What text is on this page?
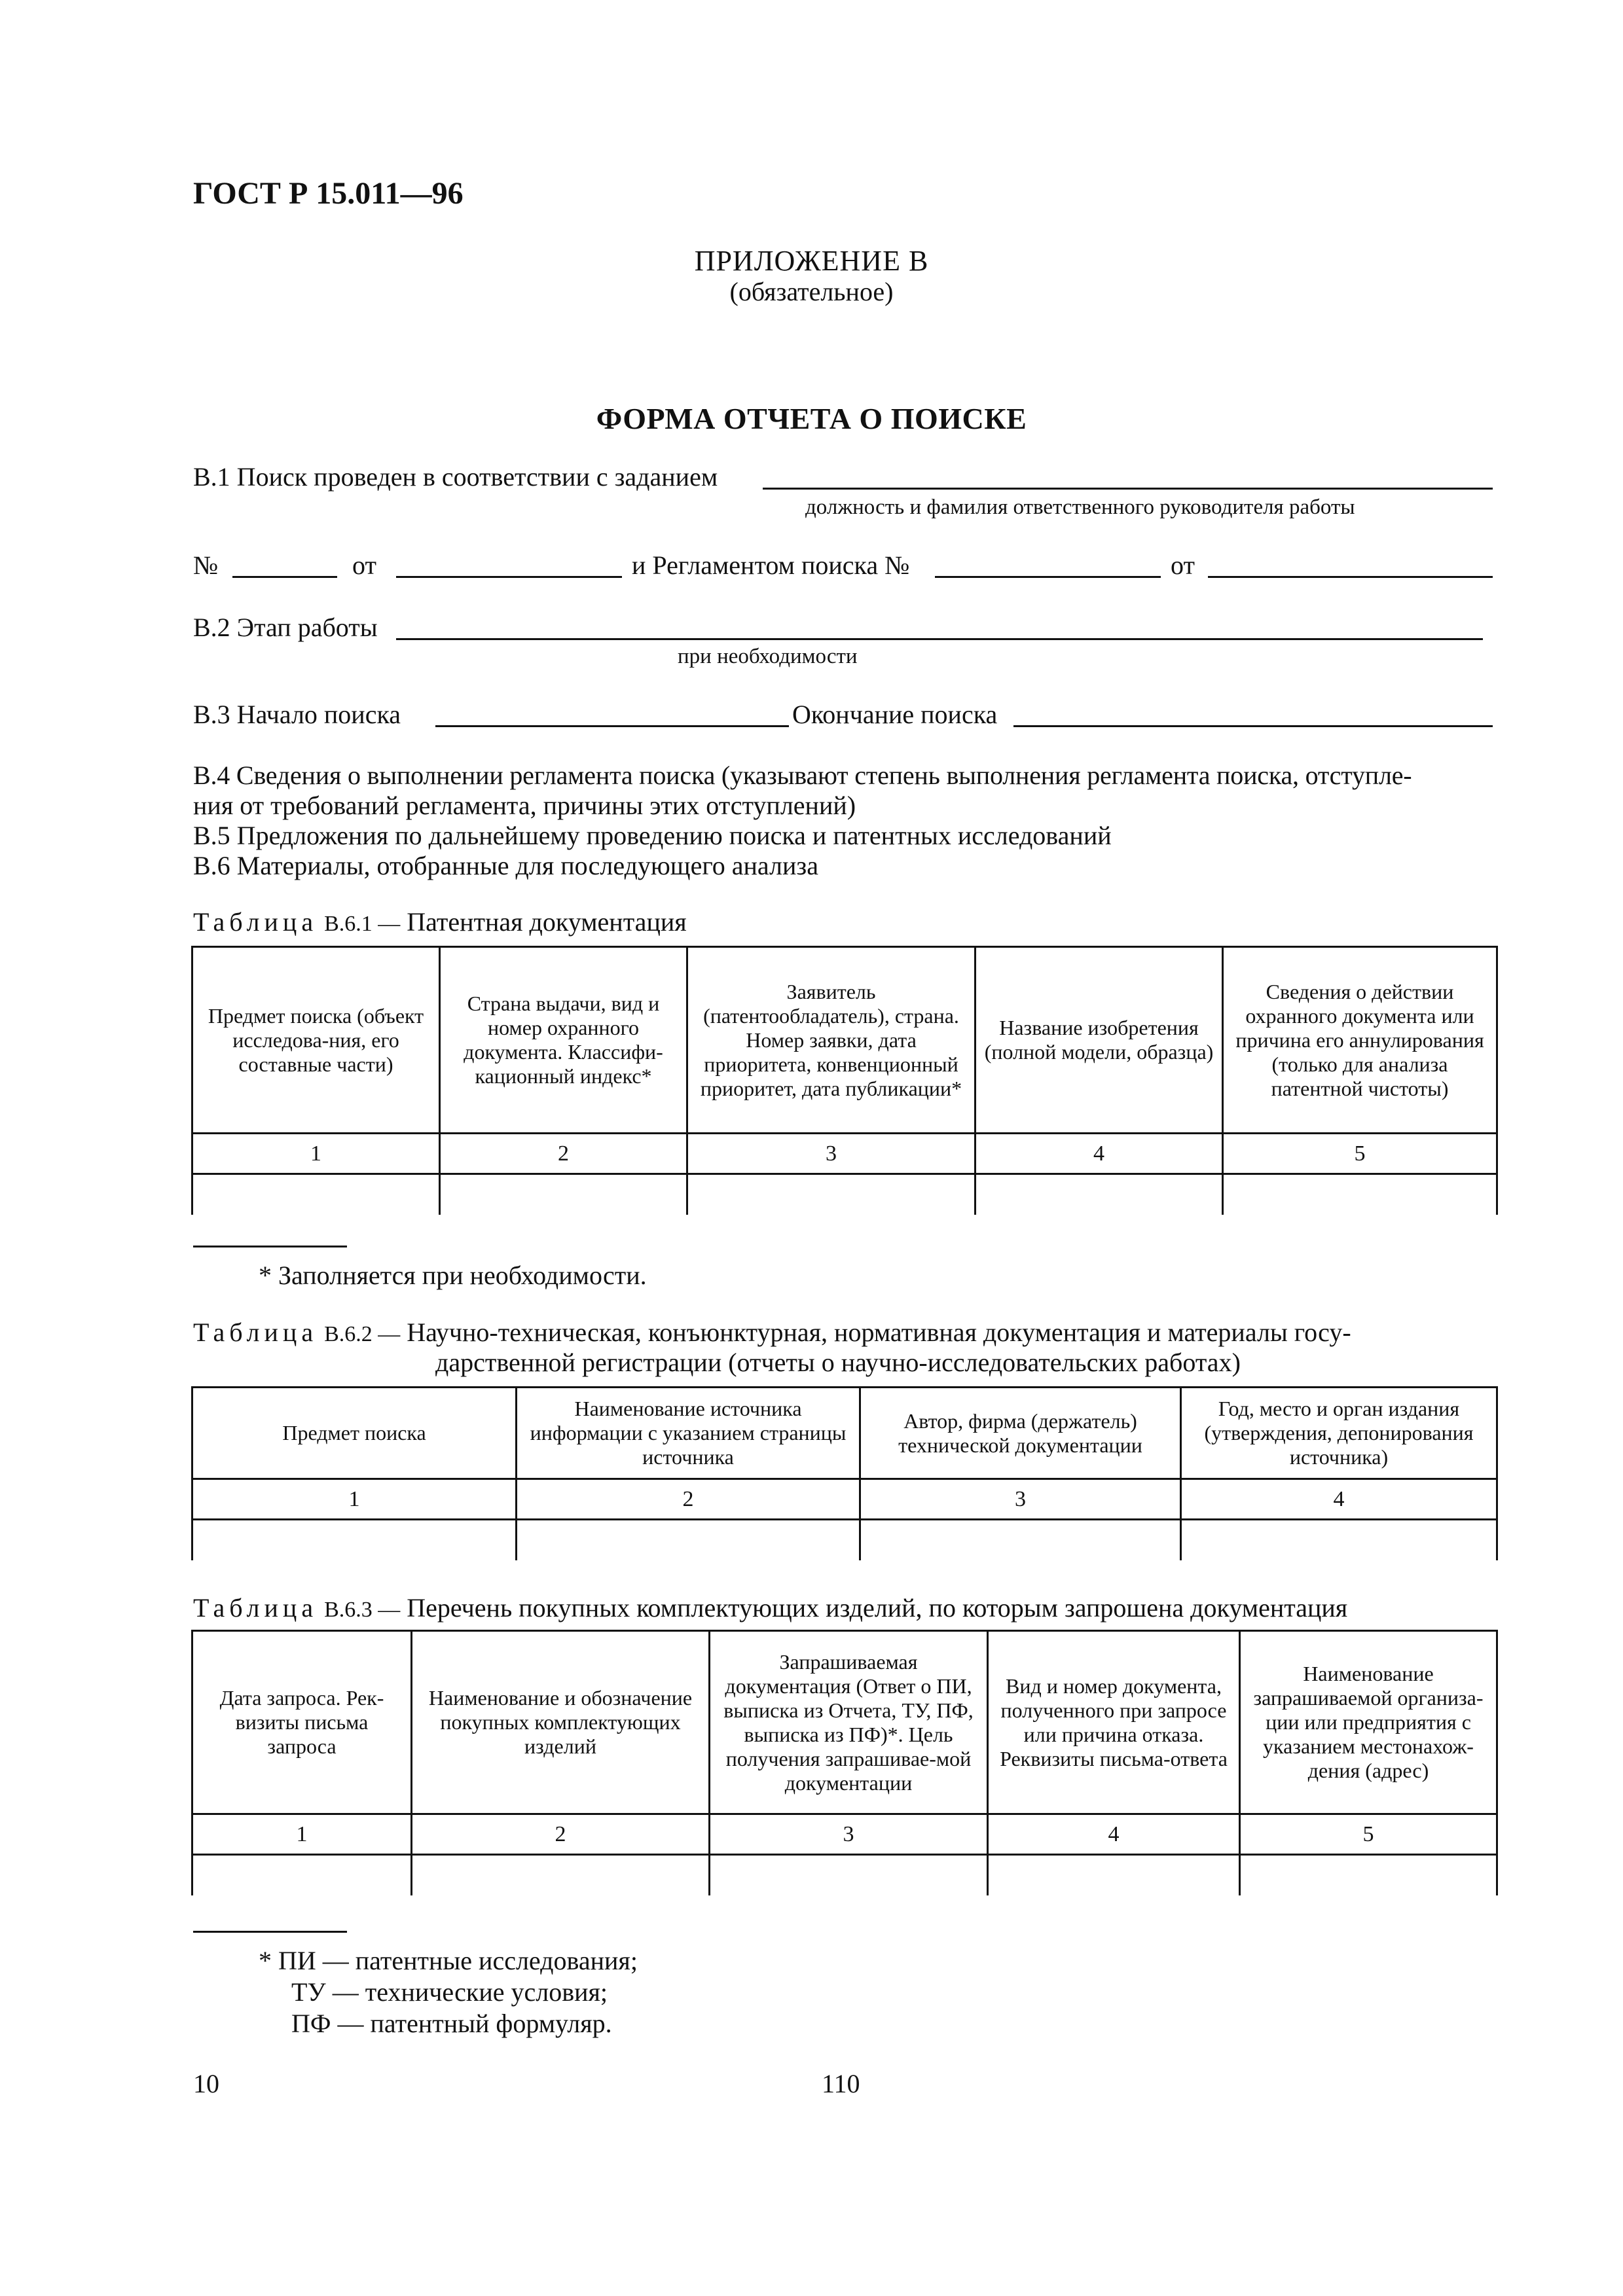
ГОСТ Р 15.011—96
ПРИЛОЖЕНИЕ В
(обязательное)
ФОРМА ОТЧЕТА О ПОИСКЕ
В.1 Поиск проведен в соответствии с заданием
должность и фамилия ответственного руководителя работы
№	от	и Регламентом поиска №	от
В.2 Этап работы
при необходимости
В.3 Начало поиска	Окончание поиска
В.4 Сведения о выполнении регламента поиска (указывают степень выполнения регламента поиска, отступле-
ния от требований регламента, причины этих отступлений)
В.5 Предложения по дальнейшему проведению поиска и патентных исследований
В.6 Материалы, отобранные для последующего анализа
Таблица В.6.1 — Патентная документация
Предмет поиска (объект исследова-ния, его составные части)	Страна выдачи, вид и номер охранного документа. Классифи-кационный индекс*	Заявитель (патентообладатель), страна. Номер заявки, дата приоритета, конвенционный приоритет, дата публикации*	Название изобретения (полной модели, образца)	Сведения о действии охранного документа или причина его аннулирования (только для анализа патентной чистоты)
1	2	3	4	5

* Заполняется при необходимости.
Таблица В.6.2 — Научно-техническая, конъюнктурная, нормативная документация и материалы госу-
дарственной регистрации (отчеты о научно-исследовательских работах)
Предмет поиска	Наименование источника информации с указанием страницы источника	Автор, фирма (держатель) технической документации	Год, место и орган издания (утверждения, депонирования источника)
1	2	3	4

Таблица В.6.3 — Перечень покупных комплектующих изделий, по которым запрошена документация
Дата запроса. Рек-визиты письма запроса	Наименование и обозначение покупных комплектующих изделий	Запрашиваемая документация (Ответ о ПИ, выписка из Отчета, ТУ, ПФ, выписка из ПФ)*. Цель получения запрашивае-мой документации	Вид и номер документа, полученного при запросе или причина отказа. Реквизиты письма-ответа	Наименование запрашиваемой организа-ции или предприятия с указанием местонахож-дения (адрес)
1	2	3	4	5

* ПИ — патентные исследования;
ТУ — технические условия;
ПФ — патентный формуляр.
10	110
